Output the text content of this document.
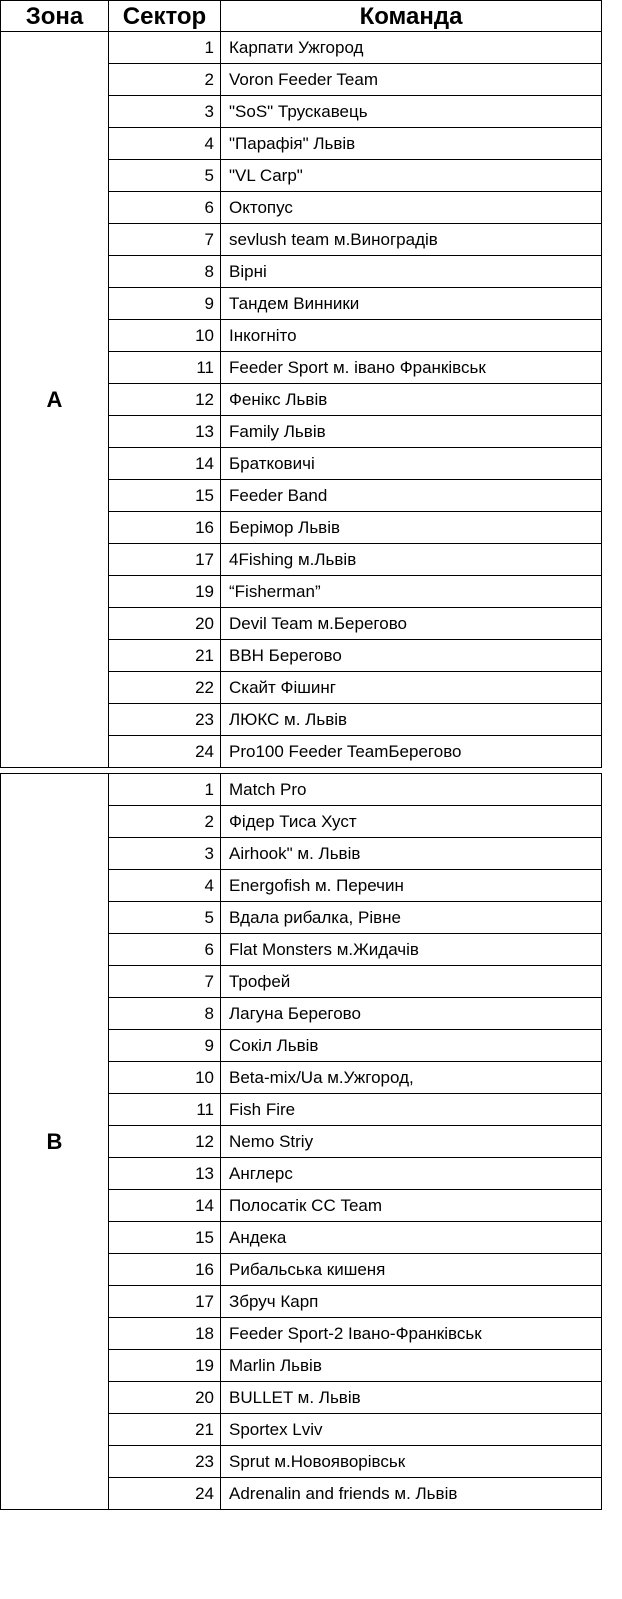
Зона	Сектор	Команда
A	1	Карпати Ужгород
	2	Voron Feeder Team
	3	"SoS" Трускавець
	4	"Парафія" Львів
	5	"VL Carp"
	6	Октопус
	7	sevlush team м.Виноградів
	8	Вірні
	9	Тандем Винники
	10	Інкогніто
	11	Feeder Sport м. івано Франківськ
	12	Фенікс Львів
	13	Family Львів
	14	Братковичі
	15	Feeder Band
	16	Берімор Львів
	17	4Fishing м.Львів
	19	“Fisherman”
	20	Devil Team м.Берегово
	21	ВВН Берегово
	22	Скайт Фішинг
	23	ЛЮКС м. Львів
	24	Pro100 Feeder TeamБерегово

B	1	Match Pro
	2	Фідер Тиса Хуст
	3	Airhook" м. Львів
	4	Energofish м. Перечин
	5	Вдала рибалка, Рівне
	6	Flat Monsters м.Жидачів
	7	Трофей
	8	Лагуна Берегово
	9	Сокіл Львів
	10	Beta-mix/Ua м.Ужгород,
	11	Fish Fire
	12	Nemo Striy
	13	Англерс
	14	Полосатік СС Team
	15	Андека
	16	Рибальська кишеня
	17	Збруч Карп
	18	Feeder Sport-2 Івано-Франківськ
	19	Marlin Львів
	20	BULLET м. Львів
	21	Sportex Lviv
	23	Sprut м.Новояворівськ
	24	Adrenalin and friends м. Львів
